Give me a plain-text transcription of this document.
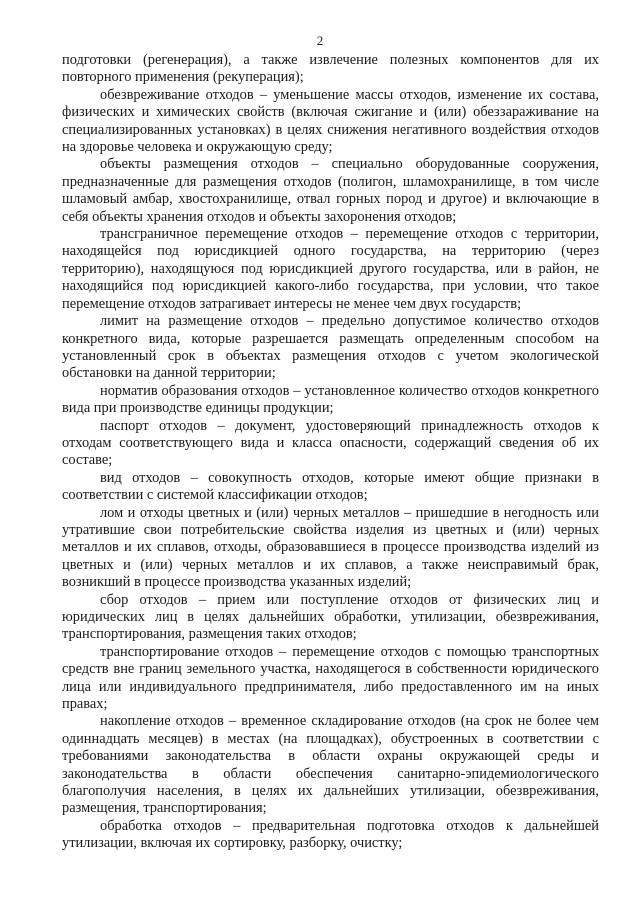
2

подготовки (регенерация), а также извлечение полезных компонентов для их повторного применения (рекуперация);

обезвреживание отходов – уменьшение массы отходов, изменение их состава, физических и химических свойств (включая сжигание и (или) обеззараживание на специализированных установках) в целях снижения негативного воздействия отходов на здоровье человека и окружающую среду;

объекты размещения отходов – специально оборудованные сооружения, предназначенные для размещения отходов (полигон, шламохранилище, в том числе шламовый амбар, хвостохранилище, отвал горных пород и другое) и включающие в себя объекты хранения отходов и объекты захоронения отходов;

трансграничное перемещение отходов – перемещение отходов с территории, находящейся под юрисдикцией одного государства, на территорию (через территорию), находящуюся под юрисдикцией другого государства, или в район, не находящийся под юрисдикцией какого-либо государства, при условии, что такое перемещение отходов затрагивает интересы не менее чем двух государств;

лимит на размещение отходов – предельно допустимое количество отходов конкретного вида, которые разрешается размещать определенным способом на установленный срок в объектах размещения отходов с учетом экологической обстановки на данной территории;

норматив образования отходов – установленное количество отходов конкретного вида при производстве единицы продукции;

паспорт отходов – документ, удостоверяющий принадлежность отходов к отходам соответствующего вида и класса опасности, содержащий сведения об их составе;

вид отходов – совокупность отходов, которые имеют общие признаки в соответствии с системой классификации отходов;

лом и отходы цветных и (или) черных металлов – пришедшие в негодность или утратившие свои потребительские свойства изделия из цветных и (или) черных металлов и их сплавов, отходы, образовавшиеся в процессе производства изделий из цветных и (или) черных металлов и их сплавов, а также неисправимый брак, возникший в процессе производства указанных изделий;

сбор отходов – прием или поступление отходов от физических лиц и юридических лиц в целях дальнейших обработки, утилизации, обезвреживания, транспортирования, размещения таких отходов;

транспортирование отходов – перемещение отходов с помощью транспортных средств вне границ земельного участка, находящегося в собственности юридического лица или индивидуального предпринимателя, либо предоставленного им на иных правах;

накопление отходов – временное складирование отходов (на срок не более чем одиннадцать месяцев) в местах (на площадках), обустроенных в соответствии с требованиями законодательства в области охраны окружающей среды и законодательства в области обеспечения санитарно-эпидемиологического благополучия населения, в целях их дальнейших утилизации, обезвреживания, размещения, транспортирования;

обработка отходов – предварительная подготовка отходов к дальнейшей утилизации, включая их сортировку, разборку, очистку;
